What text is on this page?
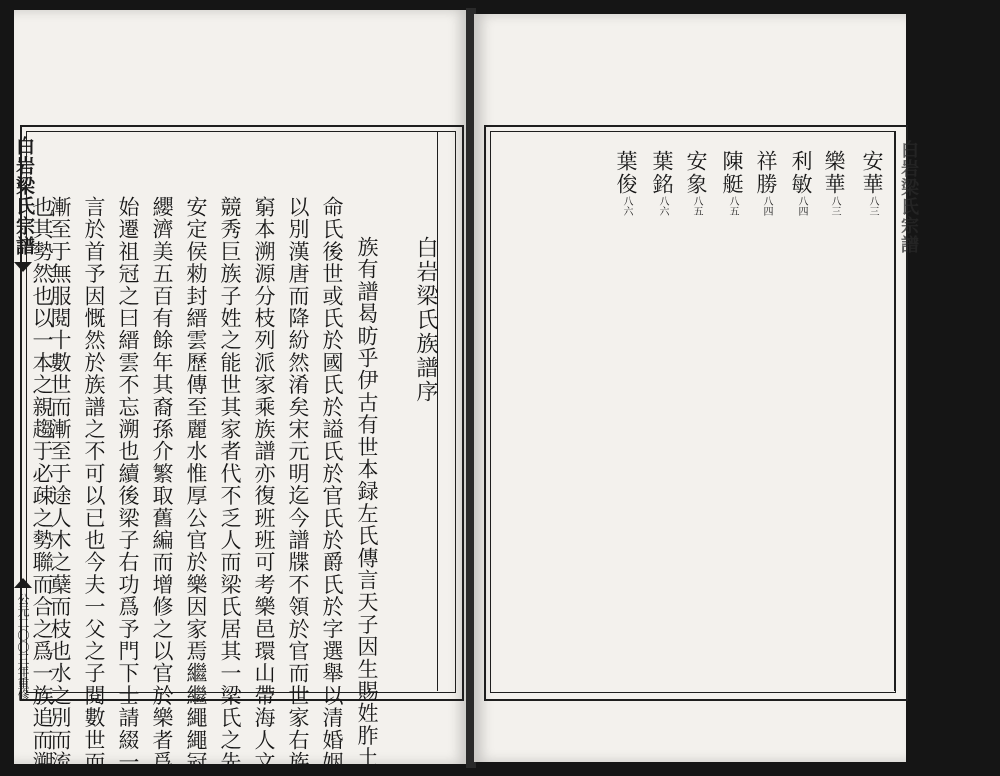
白岩梁氏宗譜
公元二〇〇三年重修
白岩梁氏族譜序
族有譜曷昉乎伊古有世本録左氏傳言天子因生賜姓胙土
命氏後世或氏於國氏於謚氏於官氏於爵氏於字選舉以清婚姻
以別漢唐而降紛然淆矣宋元明迄今譜牒不領於官而世家右族
窮本溯源分枝列派家乘族譜亦復班班可考樂邑環山帶海人文
競秀巨族子姓之能世其家者代不乏人而梁氏居其一梁氏之先
安定侯勑封縉雲歷傳至麗水惟厚公官於樂因家焉繼繼繩繩冠
纓濟美五百有餘年其裔孫介繁取舊編而增修之以官於樂者爲
始遷祖冠之曰縉雲不忘溯也續後梁子右功爲予門下士請綴一
言於首予因慨然於族譜之不可以已也今夫一父之子閱數世而
漸至于無服閱十數世而漸至于途人木之蘖而枝也水之別而流
也其勢然也以一本之親趨于必疎之勢聯而合之爲一族追而溯	白岩梁氏宗譜
安華八三
樂華八三
利敏八四
祥勝八四
陳艇八五
安象八五
葉銘八六
葉俊八六
